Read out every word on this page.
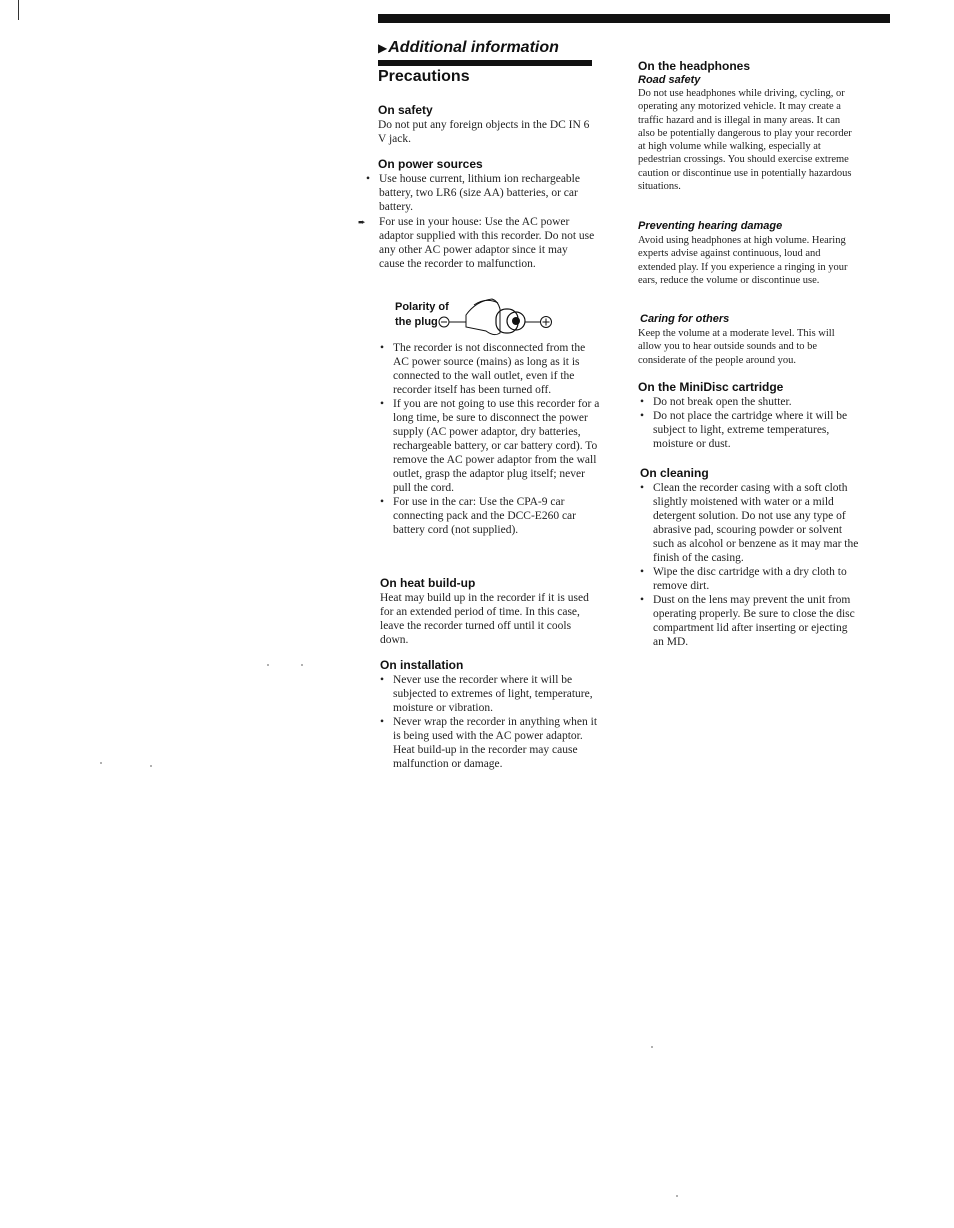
▶Additional information
Precautions
On safety

Do not put any foreign objects in the DC IN 6 V jack.

On power sources
• Use house current, lithium ion rechargeable battery, two LR6 (size AA) batteries, or car battery.
➨ For use in your house: Use the AC power adaptor supplied with this recorder. Do not use any other AC power adaptor since it may cause the recorder to malfunction.
Polarity of the plug
• The recorder is not disconnected from the AC power source (mains) as long as it is connected to the wall outlet, even if the recorder itself has been turned off.
• If you are not going to use this recorder for a long time, be sure to disconnect the power supply (AC power adaptor, dry batteries, rechargeable battery, or car battery cord). To remove the AC power adaptor from the wall outlet, grasp the adaptor plug itself; never pull the cord.
• For use in the car: Use the CPA-9 car connecting pack and the DCC-E260 car battery cord (not supplied).
On heat build-up

Heat may build up in the recorder if it is used for an extended period of time. In this case, leave the recorder turned off until it cools down.

On installation
• Never use the recorder where it will be subjected to extremes of light, temperature, moisture or vibration.
• Never wrap the recorder in anything when it is being used with the AC power adaptor. Heat build-up in the recorder may cause malfunction or damage.
On the headphones
Road safety

Do not use headphones while driving, cycling, or operating any motorized vehicle. It may create a traffic hazard and is illegal in many areas. It can also be potentially dangerous to play your recorder at high volume while walking, especially at pedestrian crossings. You should exercise extreme caution or discontinue use in potentially hazardous situations.

Preventing hearing damage

Avoid using headphones at high volume. Hearing experts advise against continuous, loud and extended play. If you experience a ringing in your ears, reduce the volume or discontinue use.

Caring for others

Keep the volume at a moderate level. This will allow you to hear outside sounds and to be considerate of the people around you.

On the MiniDisc cartridge
• Do not break open the shutter.
• Do not place the cartridge where it will be subject to light, extreme temperatures, moisture or dust.
On cleaning
• Clean the recorder casing with a soft cloth slightly moistened with water or a mild detergent solution. Do not use any type of abrasive pad, scouring powder or solvent such as alcohol or benzene as it may mar the finish of the casing.
• Wipe the disc cartridge with a dry cloth to remove dirt.
• Dust on the lens may prevent the unit from operating properly. Be sure to close the disc compartment lid after inserting or ejecting an MD.
